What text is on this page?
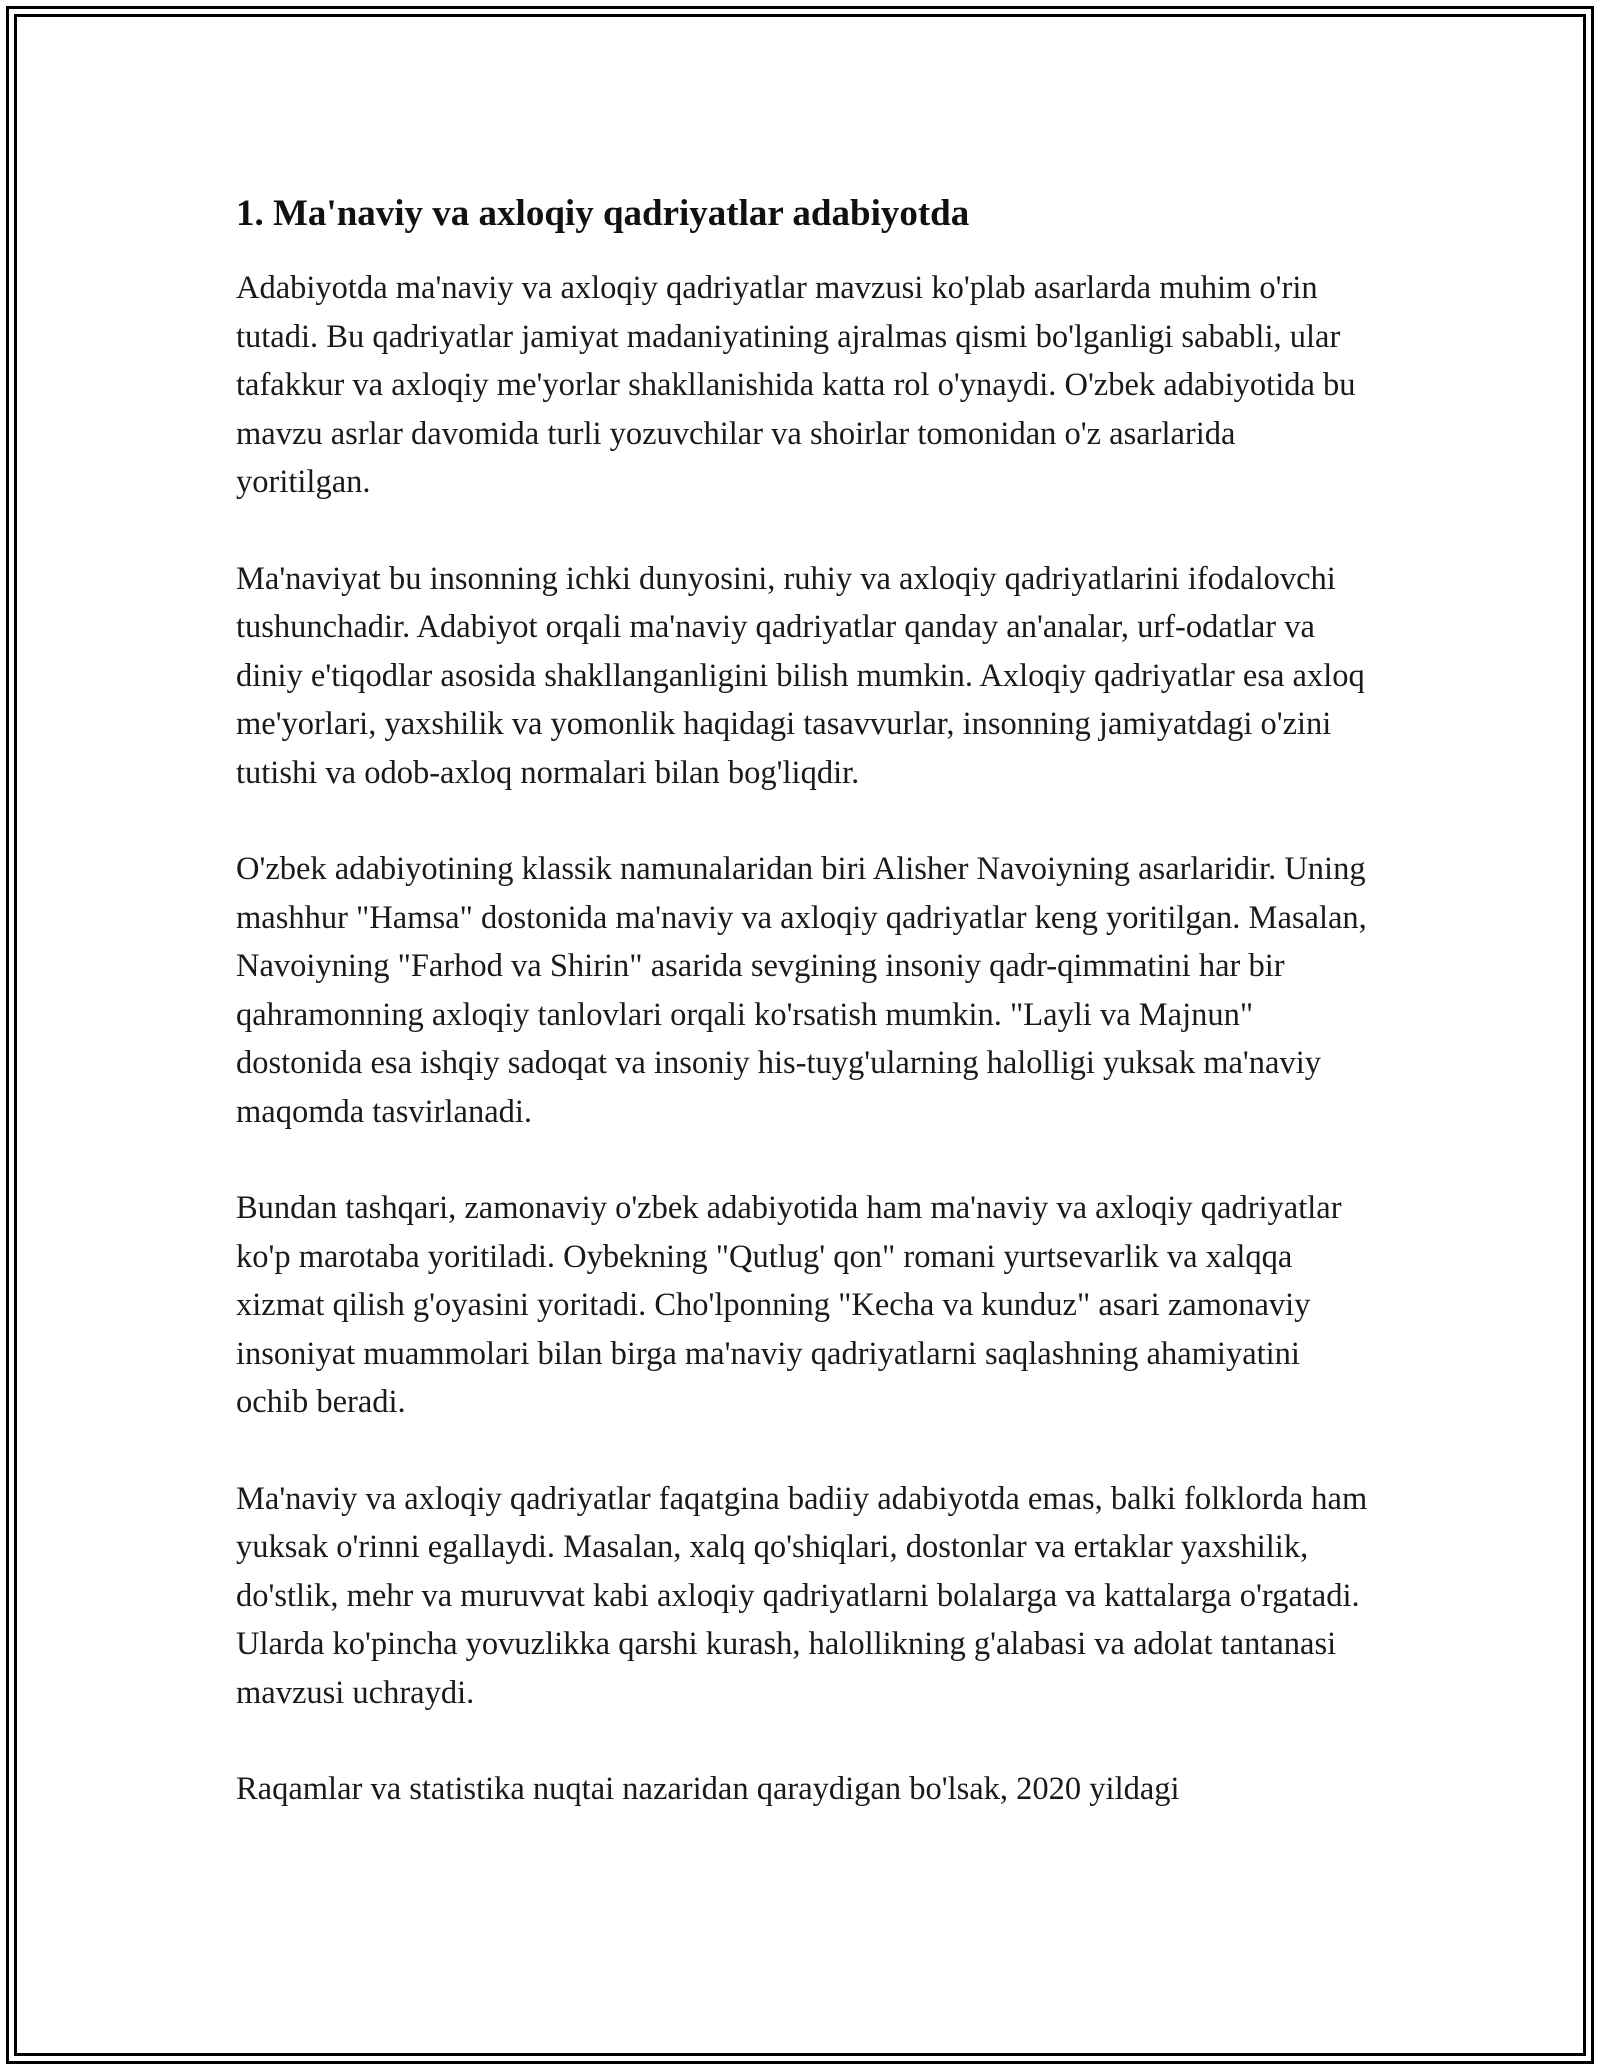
1. Ma'naviy va axloqiy qadriyatlar adabiyotda

Adabiyotda ma'naviy va axloqiy qadriyatlar mavzusi ko'plab asarlarda muhim o'rin tutadi. Bu qadriyatlar jamiyat madaniyatining ajralmas qismi bo'lganligi sababli, ular tafakkur va axloqiy me'yorlar shakllanishida katta rol o'ynaydi. O'zbek adabiyotida bu mavzu asrlar davomida turli yozuvchilar va shoirlar tomonidan o'z asarlarida yoritilgan.

Ma'naviyat bu insonning ichki dunyosini, ruhiy va axloqiy qadriyatlarini ifodalovchi tushunchadir. Adabiyot orqali ma'naviy qadriyatlar qanday an'analar, urf-odatlar va diniy e'tiqodlar asosida shakllanganligini bilish mumkin. Axloqiy qadriyatlar esa axloq me'yorlari, yaxshilik va yomonlik haqidagi tasavvurlar, insonning jamiyatdagi o'zini tutishi va odob-axloq normalari bilan bog'liqdir.

O'zbek adabiyotining klassik namunalaridan biri Alisher Navoiyning asarlaridir. Uning mashhur "Hamsa" dostonida ma'naviy va axloqiy qadriyatlar keng yoritilgan. Masalan, Navoiyning "Farhod va Shirin" asarida sevgining insoniy qadr-qimmatini har bir qahramonning axloqiy tanlovlari orqali ko'rsatish mumkin. "Layli va Majnun" dostonida esa ishqiy sadoqat va insoniy his-tuyg'ularning halolligi yuksak ma'naviy maqomda tasvirlanadi.

Bundan tashqari, zamonaviy o'zbek adabiyotida ham ma'naviy va axloqiy qadriyatlar ko'p marotaba yoritiladi. Oybekning "Qutlug' qon" romani yurtsevarlik va xalqqa xizmat qilish g'oyasini yoritadi. Cho'lponning "Kecha va kunduz" asari zamonaviy insoniyat muammolari bilan birga ma'naviy qadriyatlarni saqlashning ahamiyatini ochib beradi.

Ma'naviy va axloqiy qadriyatlar faqatgina badiiy adabiyotda emas, balki folklorda ham yuksak o'rinni egallaydi. Masalan, xalq qo'shiqlari, dostonlar va ertaklar yaxshilik, do'stlik, mehr va muruvvat kabi axloqiy qadriyatlarni bolalarga va kattalarga o'rgatadi. Ularda ko'pincha yovuzlikka qarshi kurash, halollikning g'alabasi va adolat tantanasi mavzusi uchraydi.

Raqamlar va statistika nuqtai nazaridan qaraydigan bo'lsak, 2020 yildagi
